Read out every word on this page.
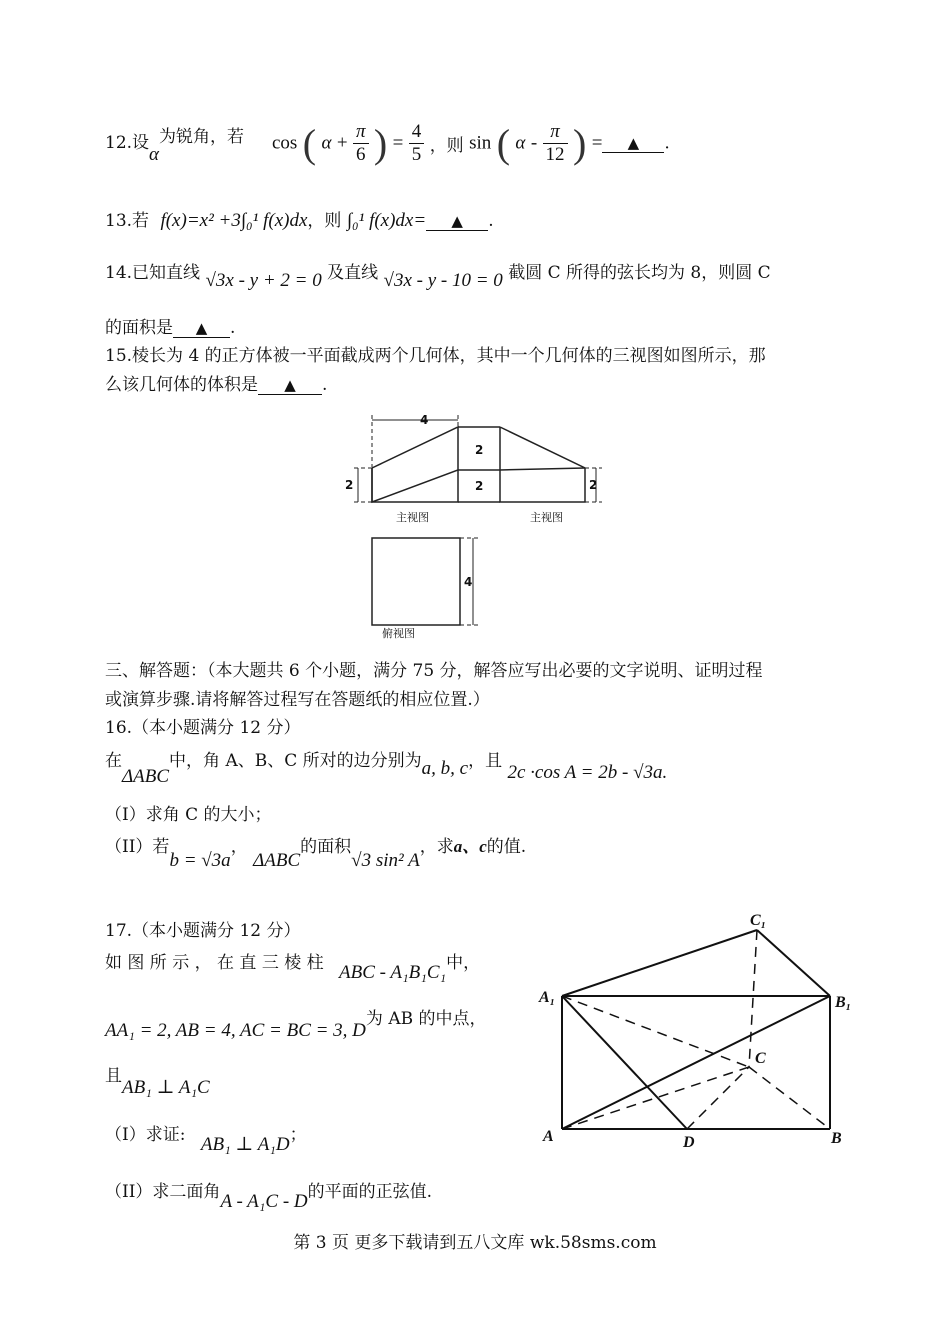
12.设α为锐角，若 cos ( $\alpha + \frac{\pi}{6}$ ) = $\frac{4}{5}$ ，则 sin ( α - $\frac{\pi}{12}$ ) = ▲ .
13.若 f(x)=x² +3∫₀¹ f(x)dx，则 ∫₀¹ f(x)dx= ▲ .
14.已知直线 √3x - y + 2 = 0 及直线 √3x - y - 10 = 0 截圆 C 所得的弦长均为 8，则圆 C
的面积是 ▲ .
15.棱长为 4 的正方体被一平面截成两个几何体，其中一个几何体的三视图如图所示，那
么该几何体的体积是 ▲ .
4
2
2
2	2
4
主视图	主视图
俯视图
三、解答题：（本大题共 6 个小题，满分 75 分，解答应写出必要的文字说明、证明过程
或演算步骤.请将解答过程写在答题纸的相应位置.）
16.（本小题满分 12 分）
在ΔABC中，角 A、B、C 所对的边分别为a, b, c，且 2c ·cos A = 2b - √3a.
（I）求角 C 的大小；
（II）若b = √3a， ΔABC的面积√3 sin² A，求a、c的值.
17.（本小题满分 12 分）
如 图 所 示 ， 在 直 三 棱 柱 ABC - A₁B₁C₁中，
AA₁ = 2, AB = 4, AC = BC = 3, D为 AB 的中点，
且AB₁ ⊥ A₁C
（I）求证: AB₁ ⊥ A₁D；
（II）求二面角A - A₁C - D的平面的正弦值.
C₁
A₁	B₁
C
A	D	B
第 3 页 更多下载请到五八文库 wk.58sms.com
